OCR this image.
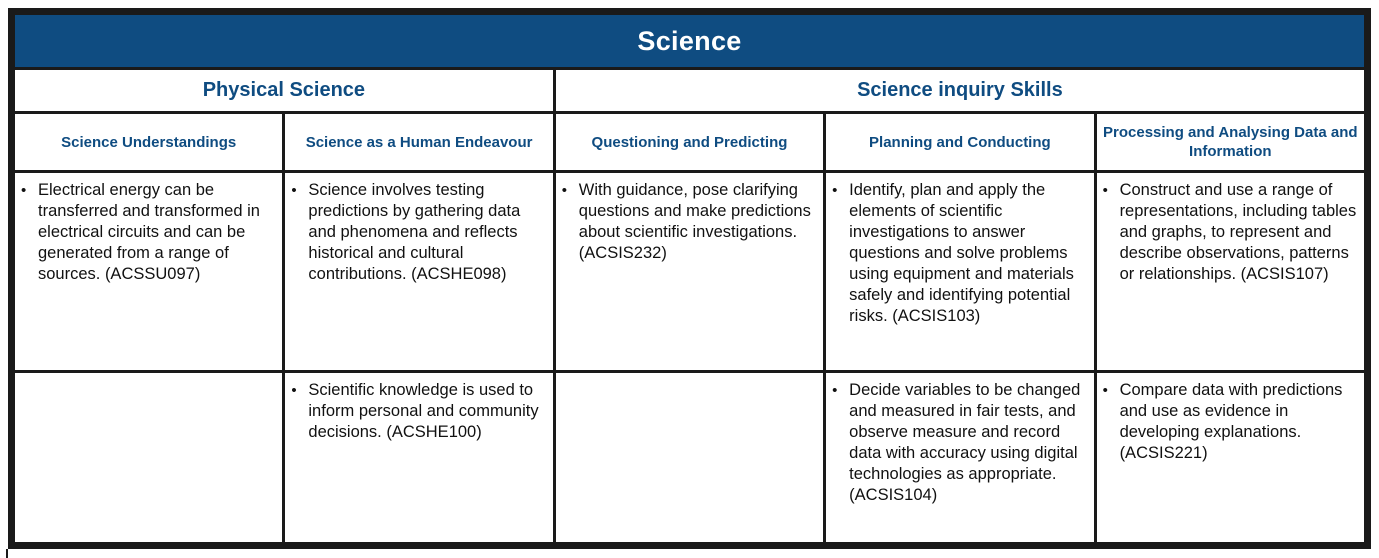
Science				
Physical Science		Science inquiry Skills		
Science Understandings	Science as a Human Endeavour	Questioning and Predicting	Planning and Conducting	Processing and Analysing Data and Information

• Electrical energy can be transferred and transformed in electrical circuits and can be generated from a range of sources. (ACSSU097)	• Science involves testing predictions by gathering data and phenomena and reflects historical and cultural contributions. (ACSHE098)	• With guidance, pose clarifying questions and make predictions about scientific investigations. (ACSIS232)	• Identify, plan and apply the elements of scientific investigations to answer questions and solve problems using equipment and materials safely and identifying potential risks. (ACSIS103)	• Construct and use a range of representations, including tables and graphs, to represent and describe observations, patterns or relationships. (ACSIS107)

	• Scientific knowledge is used to inform personal and community decisions. (ACSHE100)		• Decide variables to be changed and measured in fair tests, and observe measure and record data with accuracy using digital technologies as appropriate. (ACSIS104)	• Compare data with predictions and use as evidence in developing explanations. (ACSIS221)
